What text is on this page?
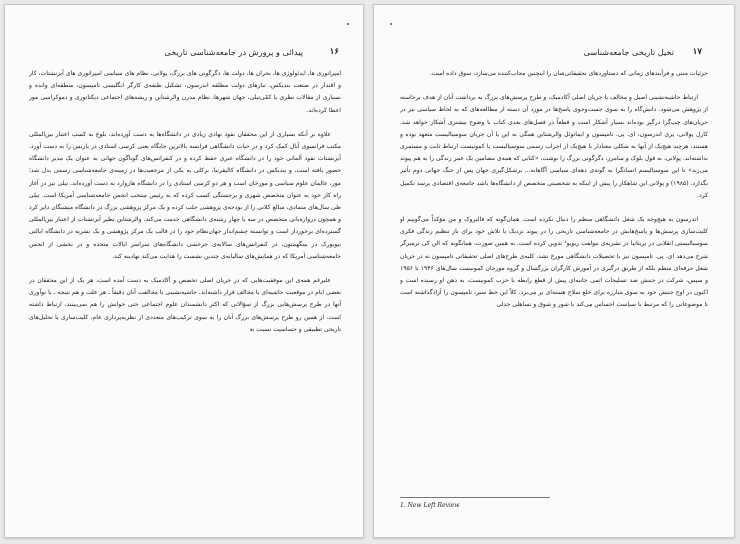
پیدائی و پرورش در جامعه‌شناسی تاریخی	۱۶

امپراتوری ها، ایدئولوژی ها، بحران ها، دولت ها، دگرگونی های بزرگ، پولانی، نظام های سیاسی امپراتوری های آیزنشتات، کار و اقتدار در صنعت بندیکس، تبارهای دولت مطلقه اندرسون، تشکیل طبقه‌ی کارگر انگلیسی تامپسون، منطقه‌ای وانده و بسیاری از مقالات نظری یا کمّی‌تیلی، جهان شهرها، نظام مدرن والرشتاین و ریشه‌های اجتماعی دیکتاتوری و دموکراسی مور اعطا کرده‌اند.

علاوه بر آنکه بسیاری از این محققان نفوذ نهادی زیادی در دانشگاه‌ها به دست آورده‌اند، بلوغ به کسب اعتبار بین‌المللی مکتب فرانسوی آنال کمک کرد و در حیات دانشگاهی فرانسه بالاترین جایگاه یعنی کرسی استادی در پاریس را به دست آورد. آیزنشتات نفوذ آلمانی خود را در دانشگاه عبری حفظ کرده و در کنفرانس‌های گوناگون جهانی به عنوان یک مدیر دانشگاه حضور یافته است، و بندیکس در دانشگاه کالیفرنیا، برکلی به یکی از مرجعیت‌ها در زمینه‌ی جامعه‌شناسی رسمی بدل شد؛ مور، عالمان علوم سیاسی و مورخان است و هر دو کرسی استادی را در دانشگاه هاروارد به دست آورده‌اند. تیلی نیز در آغاز راه کار خود به عنوان متخصص شهری و برجستگی کسب کرده که به رئیس منتخب انجمن جامعه‌شناسی آمریکا است. تیلی طی سال‌های متمادی، مبالغ کلانی را از بودجه‌ی پژوهشی جلب کرده و یک مرکز پژوهشی بزرگ در دانشگاه میشیگان دایر کرد و همچون دروازه‌بانی متخصص در سه یا چهار رشته‌ی دانشگاهی خدمت می‌کند. والرشتاین نظیر آیزنشتات از اعتبار بین‌المللی گسترده‌ای برخوردار است و توانسته چشم‌انداز جهان‌نظام خود را در قالب یک مرکز پژوهشی و یک نشریه در دانشگاه ایالتی نیویورک در بینگهمتون، در کنفرانس‌های سالانه‌ی جرخشی دانشگاه‌های سراسر ایالات متحده و در بخشی از انجمن جامعه‌شناسی آمریکا که در همایش‌های سالیانه‌ی چندین نشست را هدایت می‌کند نهادینه کند.

علیرغم همه‌ی این موفقیت‌هایی که در جریان اصلی تخصص و آکادمیک به دست آمده است، هر یک از این محققان در بعضی ایام در موقعیت حاشیه‌ای یا مخالف قرار داشته‌اند. حاشیه‌نشینی یا مخالفت آنان دقیقاً ـ هر علت و هم نتیجه ـ با نوآوری آنها در طرح پرسش‌هایی بزرگ از سؤالاتی که اکثر دانشمندان علوم اجتماعی حتی خوانش را هم نمی‌بینند، ارتباط داشته است. از همین رو طرح پرسش‌های بزرگ آنان را به سوی ترکیب‌های متعددی از نظریه‌پردازی عام، کلیت‌سازی یا تحلیل‌های تاریخی تطبیقی و حساسیت نسبت به

تخیل تاریخی جامعه‌شناسی ۱۷

جزئیات متنی و فرآیندهای زمانی که دستاوردهای تحقیقاتی‌شان را اینچنین مجاب‌کننده می‌سازد، سوق داده است.

ارتباط حاشیه‌نشینی اصیل و مخالف با جریان اصلی آکادمیک، و طرح پرسش‌های بزرگ به برداشت آنان از هدف برخاسته از پژوهش می‌شود. دانش‌گاه را به سوی جست‌وجوی پاسخ‌ها در مورد آن دسته از مطالعه‌های که به لحاظ سیاسی نیز در جریان‌های چپ‌گرا درگیر بوده‌اند بسیار آشکار است و قطعاً در فصل‌های بعدی کتاب با وضوح بیشتری آشکار خواهد شد. کارل پولانی، پری اندرسون، ای. پی. تامپسون و ایمانوئل والرشتاین همگی به این یا آن جریان سوسیالیست متعهد بوده و هستند، هرچند هیچ‌یک از آنها به شکلی معنادار با هیچ‌یک از احزاب رسمی سوسیالیست یا کمونیست ارتباط ثابت و مستمری نداشته‌اند. پولانی، به قول بلوک و سامرز، دگرگونی بزرگ را نوشت، «کتابی که همه‌ی مضامین یک عمر زندگی را به هم پیوند می‌زند» تا این سوسیالیسم اتساتگرا به گونه‌ی دهه‌ای سیاسی آگاهانه... برشکل‌گیری جهان پس از جنگ جهانی دوم تأثیر بگذارد. (۱۹۸۵) و پولانی این شاهکار را پیش از اینکه به شخصیتی متخصص از دانشگاه‌ها باشد جامعه‌ی اقتصادی برسد تکمیل کرد.

اندرسون به هیچ‌وجه یک شغل دانشگاهی منظم را دنبال نکرده است. همان‌گونه که فالبروک و من مؤکداً می‌گوییم او کلیت‌سازی پرسش‌ها و پاسخ‌هایش در جامعه‌شناسی تاریخی را در پیوند نزدیک با تلاش خود برای باز تنظیم زندگی فکری سوسیالیستی انقلابی در بریتانیا در نشریه‌ی نیولفت ریویو¹ تدوین کرده است. به همین صورت، همانگونه که الن کی ترمبرگر شرح می‌دهد ای. پی. تامپسون نیز با تحصیلات دانشگاهی مورخ نشد. کلیه‌ی طرح‌های اصلی تحقیقاتی تامپسون نه در جریان شغل حرفه‌ای منظم بلکه از طریق درگیری در آموزش کارگران بزرگسال و گروه مورخان کمونیست سال‌های ۱۹۴۶ تا ۱۹۵۶ و سپس، شرکت در جنبش ضد تسلیحات اتمی جانبه‌ای پیش از قطع رابطه با حزب کمونیست، به ذهن او رسیده است و اکنون در اوج جنبش خود به سوی مبارزه برای خلع سلاح هسته‌ای بر می‌برد. کلاً این خط سیر، تامپسون را آزادگذاشته است تا موضوعاتی را که مرتبط با سیاست احساس می‌کند با شور و شوق و تساهلی جدلی

1. New Left Review
